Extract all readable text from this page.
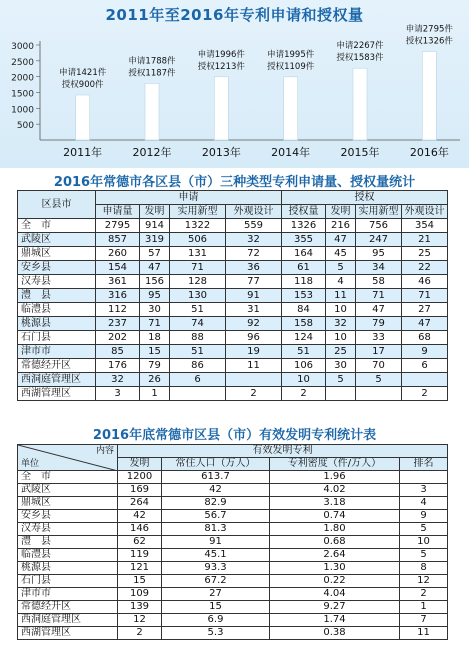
3000
2500
2000
1500
1000
500
申请1421件
授权900件
2011年
申请1788件
授权1187件
2012年
申请1996件
授权1213件
2013年
申请1995件
授权1109件
2014年
申请2267件
授权1583件
2015年
申请2795件
授权1326件
2016年
2011年至2016年专利申请和授权量
2016年常德市各区县（市）三种类型专利申请量、授权量统计
区县市	申请				授权			
	申请量	发明	实用新型	外观设计	授权量	发明	实用新型	外观设计
全　市	2795	914	1322	559	1326	216	756	354
武陵区	857	319	506	32	355	47	247	21
鼎城区	260	57	131	72	164	45	95	25
安乡县	154	47	71	36	61	5	34	22
汉寿县	361	156	128	77	118	4	58	46
澧　县	316	95	130	91	153	11	71	71
临澧县	112	30	51	31	84	10	47	27
桃源县	237	71	74	92	158	32	79	47
石门县	202	18	88	96	124	10	33	68
津市市	85	15	51	19	51	25	17	9
常德经开区	176	79	86	11	106	30	70	6
西洞庭管理区	32	26	6		10	5	5	
西湖管理区	3	1		2	2			2
2016年底常德市区县（市）有效发明专利统计表
内容
单位	有效发明专利			
	发明	常住人口（万人）	专利密度（件/万人）	排名
全　市	1200	613.7	1.96	
武陵区	169	42	4.02	3
鼎城区	264	82.9	3.18	4
安乡县	42	56.7	0.74	9
汉寿县	146	81.3	1.80	5
澧　县	62	91	0.68	10
临澧县	119	45.1	2.64	5
桃源县	121	93.3	1.30	8
石门县	15	67.2	0.22	12
津市市	109	27	4.04	2
常德经开区	139	15	9.27	1
西洞庭管理区	12	6.9	1.74	7
西湖管理区	2	5.3	0.38	11
